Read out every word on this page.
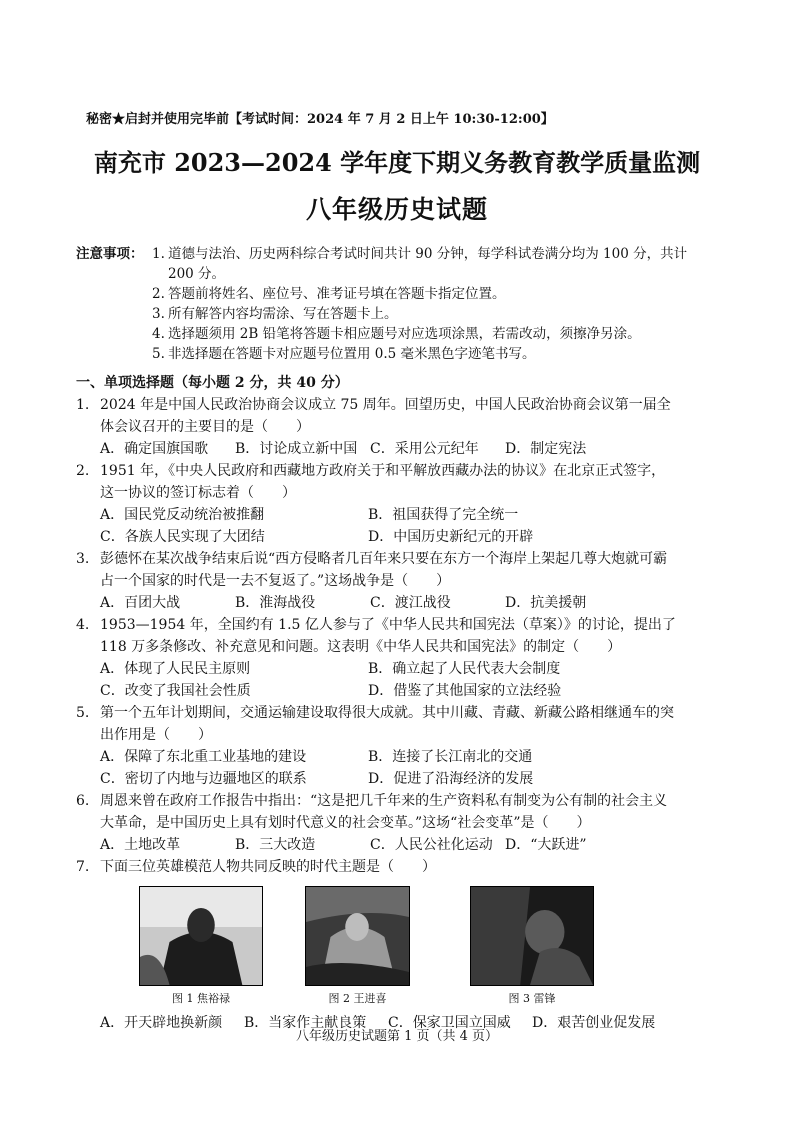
秘密★启封并使用完毕前【考试时间：2024 年 7 月 2 日上午 10:30-12:00】
南充市 2023—2024 学年度下期义务教育教学质量监测
八年级历史试题
注意事项： 1. 道德与法治、历史两科综合考试时间共计 90 分钟，每学科试卷满分均为 100 分，共计 200 分。
2. 答题前将姓名、座位号、准考证号填在答题卡指定位置。
3. 所有解答内容均需涂、写在答题卡上。
4. 选择题须用 2B 铅笔将答题卡相应题号对应选项涂黑，若需改动，须擦净另涂。
5. 非选择题在答题卡对应题号位置用 0.5 毫米黑色字迹笔书写。
一、单项选择题（每小题 2 分，共 40 分）
1. 2024 年是中国人民政治协商会议成立 75 周年。回望历史，中国人民政治协商会议第一届全体会议召开的主要目的是（　　）
A．确定国旗国歌	B．讨论成立新中国 C．采用公元纪年	D．制定宪法
2. 1951 年，《中央人民政府和西藏地方政府关于和平解放西藏办法的协议》在北京正式签字，这一协议的签订标志着（　　）
A．国民党反动统治被推翻	B．祖国获得了完全统一
C．各族人民实现了大团结	D．中国历史新纪元的开辟
3. 彭德怀在某次战争结束后说“西方侵略者几百年来只要在东方一个海岸上架起几尊大炮就可霸占一个国家的时代是一去不复返了。”这场战争是（　　）
A．百团大战	B．淮海战役	C．渡江战役	D．抗美援朝
4. 1953—1954 年，全国约有 1.5 亿人参与了《中华人民共和国宪法（草案）》的讨论，提出了 118 万多条修改、补充意见和问题。这表明《中华人民共和国宪法》的制定（　　）
A．体现了人民民主原则	B．确立起了人民代表大会制度
C．改变了我国社会性质	D．借鉴了其他国家的立法经验
5. 第一个五年计划期间，交通运输建设取得很大成就。其中川藏、青藏、新藏公路相继通车的突出作用是（　　）
A．保障了东北重工业基地的建设	B．连接了长江南北的交通
C．密切了内地与边疆地区的联系	D．促进了沿海经济的发展
6. 周恩来曾在政府工作报告中指出：“这是把几千年来的生产资料私有制变为公有制的社会主义大革命，是中国历史上具有划时代意义的社会变革。”这场“社会变革”是（　　）
A．土地改革	B．三大改造	C．人民公社化运动 D．“大跃进”
7. 下面三位英雄模范人物共同反映的时代主题是（　　）
图 1 焦裕禄	图 2 王进喜	图 3 雷锋
A．开天辟地换新颜	B．当家作主献良策	C．保家卫国立国威	D．艰苦创业促发展
八年级历史试题第 1 页（共 4 页）
